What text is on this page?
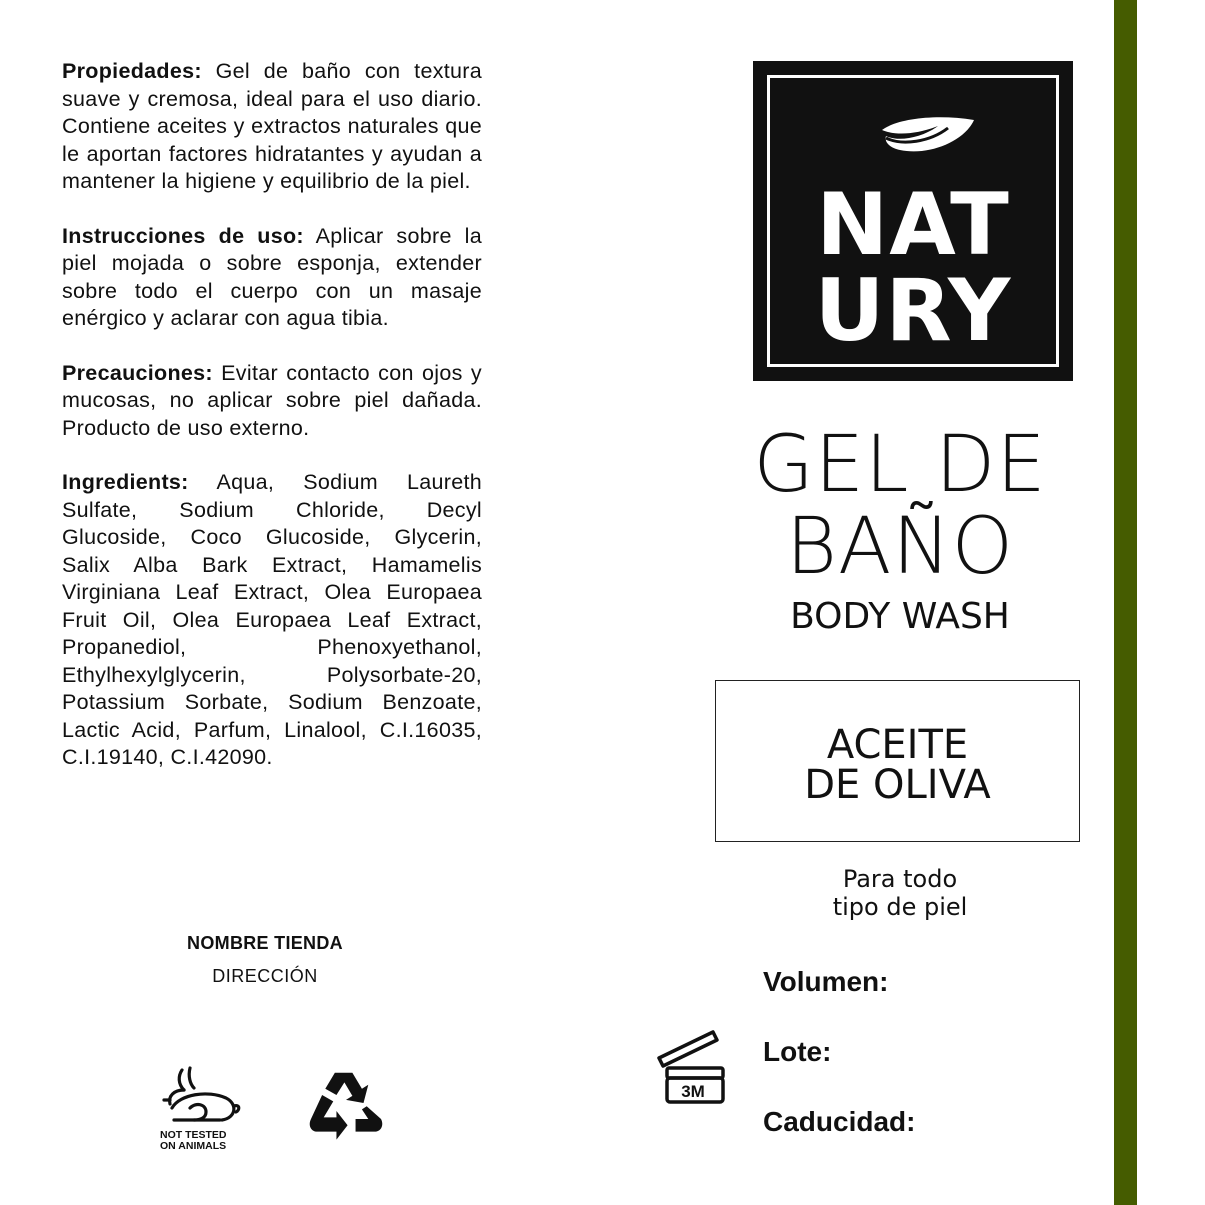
Propiedades: Gel de baño con textura suave y cremosa, ideal para el uso diario. Contiene aceites y extractos naturales que le aportan factores hidratantes y ayudan a mantener la higiene y equilibrio de la piel.

Instrucciones de uso: Aplicar sobre la piel mojada o sobre esponja, extender sobre todo el cuerpo con un masaje enérgico y aclarar con agua tibia.

Precauciones: Evitar contacto con ojos y mucosas, no aplicar sobre piel dañada. Producto de uso externo.

Ingredients: Aqua, Sodium Laureth Sulfate, Sodium Chloride, Decyl Glucoside, Coco Glucoside, Glycerin, Salix Alba Bark Extract, Hamamelis Virginiana Leaf Extract, Olea Europaea Fruit Oil, Olea Europaea Leaf Extract, Propanediol, Phenoxyethanol, Ethylhexylglycerin, Polysorbate-20, Potassium Sorbate, Sodium Benzoate, Lactic Acid, Parfum, Linalool, C.I.16035, C.I.19140, C.I.42090.

NOMBRE TIENDA
DIRECCIÓN
NOT TESTED
ON ANIMALS
NAT
URY
GEL DE
BAÑO
BODY WASH
ACEITE
DE OLIVA
Para todo
tipo de piel
Volumen:
Lote:
Caducidad:
3M
